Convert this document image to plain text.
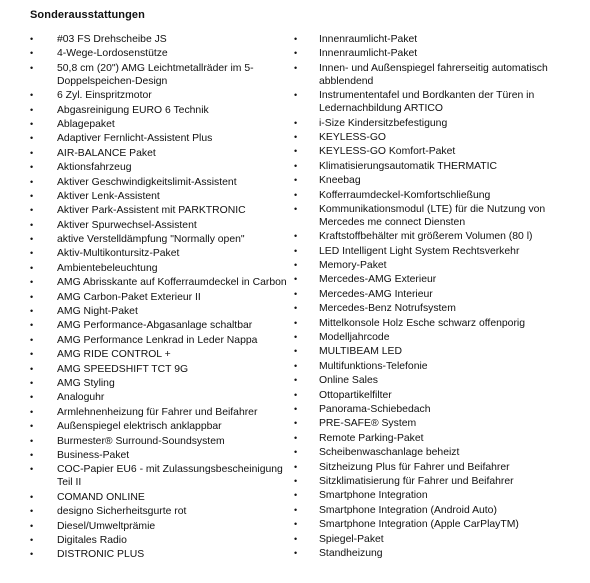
Sonderausstattungen
•	#03 FS Drehscheibe JS
•	4-Wege-Lordosenstütze
•	50,8 cm (20") AMG Leichtmetallräder im 5-Doppelspeichen-Design
•	6 Zyl. Einspritzmotor
•	Abgasreinigung EURO 6 Technik
•	Ablagepaket
•	Adaptiver Fernlicht-Assistent Plus
•	AIR-BALANCE Paket
•	Aktionsfahrzeug
•	Aktiver Geschwindigkeitslimit-Assistent
•	Aktiver Lenk-Assistent
•	Aktiver Park-Assistent mit PARKTRONIC
•	Aktiver Spurwechsel-Assistent
•	aktive Verstelldämpfung "Normally open"
•	Aktiv-Multikontursitz-Paket
•	Ambientebeleuchtung
•	AMG Abrisskante auf Kofferraumdeckel in Carbon
•	AMG Carbon-Paket Exterieur II
•	AMG Night-Paket
•	AMG Performance-Abgasanlage schaltbar
•	AMG Performance Lenkrad in Leder Nappa
•	AMG RIDE CONTROL +
•	AMG SPEEDSHIFT TCT 9G
•	AMG Styling
•	Analoguhr
•	Armlehnenheizung für Fahrer und Beifahrer
•	Außenspiegel elektrisch anklappbar
•	Burmester® Surround-Soundsystem
•	Business-Paket
•	COC-Papier EU6 - mit Zulassungsbescheinigung Teil II
•	COMAND ONLINE
•	designo Sicherheitsgurte rot
•	Diesel/Umweltprämie
•	Digitales Radio
•	DISTRONIC PLUS
•	Innenraumlicht-Paket
•	Innenraumlicht-Paket
•	Innen- und Außenspiegel fahrerseitig automatisch abblendend
•	Instrumententafel und Bordkanten der Türen in Ledernachbildung ARTICO
•	i-Size Kindersitzbefestigung
•	KEYLESS-GO
•	KEYLESS-GO Komfort-Paket
•	Klimatisierungsautomatik THERMATIC
•	Kneebag
•	Kofferraumdeckel-Komfortschließung
•	Kommunikationsmodul (LTE) für die Nutzung von Mercedes me connect Diensten
•	Kraftstoffbehälter mit größerem Volumen (80 l)
•	LED Intelligent Light System Rechtsverkehr
•	Memory-Paket
•	Mercedes-AMG Exterieur
•	Mercedes-AMG Interieur
•	Mercedes-Benz Notrufsystem
•	Mittelkonsole Holz Esche schwarz offenporig
•	Modelljahrcode
•	MULTIBEAM LED
•	Multifunktions-Telefonie
•	Online Sales
•	Ottopartikelfilter
•	Panorama-Schiebedach
•	PRE-SAFE® System
•	Remote Parking-Paket
•	Scheibenwaschanlage beheizt
•	Sitzheizung Plus für Fahrer und Beifahrer
•	Sitzklimatisierung für Fahrer und Beifahrer
•	Smartphone Integration
•	Smartphone Integration (Android Auto)
•	Smartphone Integration (Apple CarPlayTM)
•	Spiegel-Paket
•	Standheizung
